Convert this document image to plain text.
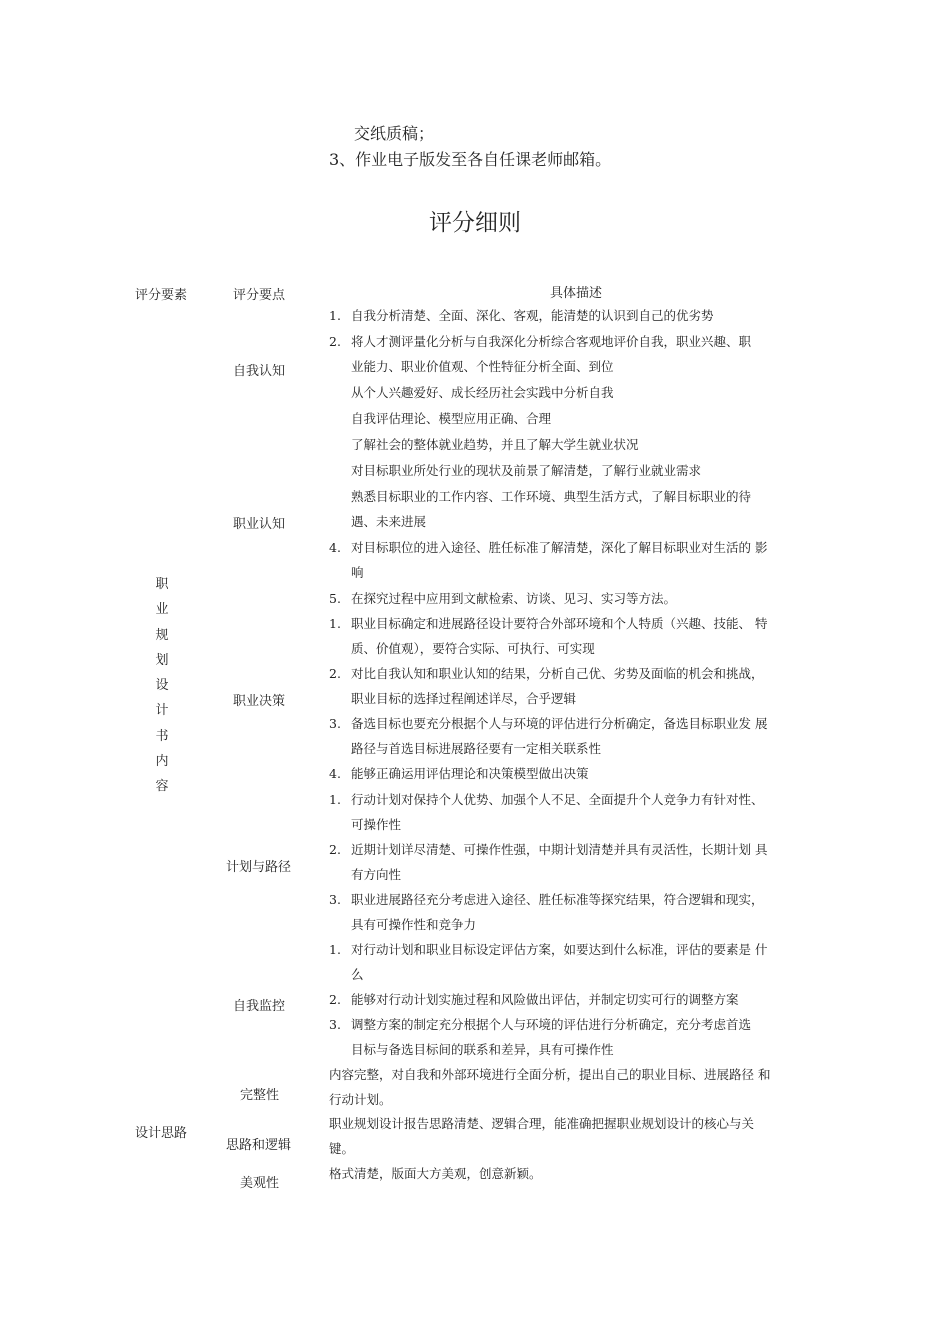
交纸质稿；
3、作业电子版发至各自任课老师邮箱。
评分细则
评分要素	评分要点	具体描述
职
业
规
划
设
计
书
内
容
设计思路
自我认知
职业认知
职业决策
计划与路径
自我监控
完整性
思路和逻辑
美观性
1. 自我分析清楚、全面、深化、客观，能清楚的认识到自己的优劣势
2. 将人才测评量化分析与自我深化分析综合客观地评价自我，职业兴趣、职
业能力、职业价值观、个性特征分析全面、到位
从个人兴趣爱好、成长经历社会实践中分析自我
自我评估理论、模型应用正确、合理
了解社会的整体就业趋势，并且了解大学生就业状况
对目标职业所处行业的现状及前景了解清楚，了解行业就业需求
熟悉目标职业的工作内容、工作环境、典型生活方式，了解目标职业的待
遇、未来进展
4. 对目标职位的进入途径、胜任标准了解清楚，深化了解目标职业对生活的 影
响
5. 在探究过程中应用到文献检索、访谈、见习、实习等方法。
1. 职业目标确定和进展路径设计要符合外部环境和个人特质（兴趣、技能、 特
质、价值观），要符合实际、可执行、可实现
2. 对比自我认知和职业认知的结果，分析自己优、劣势及面临的机会和挑战，
职业目标的选择过程阐述详尽，合乎逻辑
3. 备选目标也要充分根据个人与环境的评估进行分析确定，备选目标职业发 展
路径与首选目标进展路径要有一定相关联系性
4. 能够正确运用评估理论和决策模型做出决策
1. 行动计划对保持个人优势、加强个人不足、全面提升个人竞争力有针对性、
可操作性
2. 近期计划详尽清楚、可操作性强，中期计划清楚并具有灵活性，长期计划 具
有方向性
3. 职业进展路径充分考虑进入途径、胜任标准等探究结果，符合逻辑和现实，
具有可操作性和竞争力
1. 对行动计划和职业目标设定评估方案，如要达到什么标准，评估的要素是 什
么
2. 能够对行动计划实施过程和风险做出评估，并制定切实可行的调整方案
3. 调整方案的制定充分根据个人与环境的评估进行分析确定，充分考虑首选
目标与备选目标间的联系和差异，具有可操作性
内容完整，对自我和外部环境进行全面分析，提出自己的职业目标、进展路径 和
行动计划。
职业规划设计报告思路清楚、逻辑合理，能准确把握职业规划设计的核心与关
键。
格式清楚，版面大方美观，创意新颖。
